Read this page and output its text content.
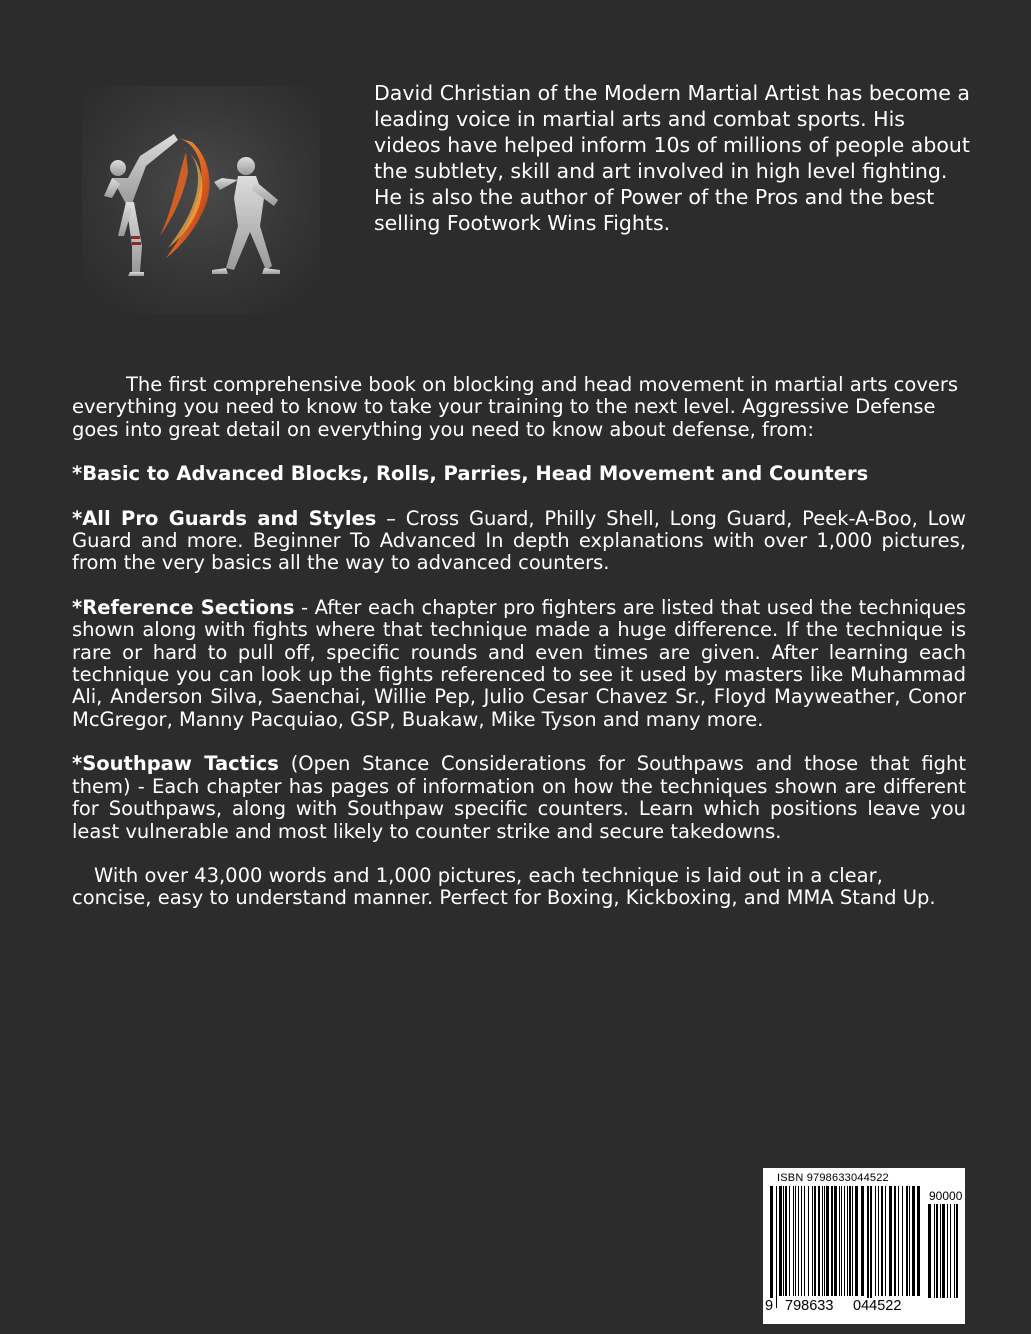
David Christian of the Modern Martial Artist has become a leading voice in martial arts and combat sports. His videos have helped inform 10s of millions of people about the subtlety, skill and art involved in high level fighting. He is also the author of Power of the Pros and the best selling Footwork Wins Fights.

The first comprehensive book on blocking and head movement in martial arts covers everything you need to know to take your training to the next level. Aggressive Defense goes into great detail on everything you need to know about defense, from:

*Basic to Advanced Blocks, Rolls, Parries, Head Movement and Counters

*All Pro Guards and Styles – Cross Guard, Philly Shell, Long Guard, Peek-A-Boo, Low Guard and more. Beginner To Advanced In depth explanations with over 1,000 pictures, from the very basics all the way to advanced counters.

*Reference Sections - After each chapter pro fighters are listed that used the techniques shown along with fights where that technique made a huge difference. If the technique is rare or hard to pull off, specific rounds and even times are given. After learning each technique you can look up the fights referenced to see it used by masters like Muhammad Ali, Anderson Silva, Saenchai, Willie Pep, Julio Cesar Chavez Sr., Floyd Mayweather, Conor McGregor, Manny Pacquiao, GSP, Buakaw, Mike Tyson and many more.

*Southpaw Tactics (Open Stance Considerations for Southpaws and those that fight them) - Each chapter has pages of information on how the techniques shown are different for Southpaws, along with Southpaw specific counters. Learn which positions leave you least vulnerable and most likely to counter strike and secure takedowns.

With over 43,000 words and 1,000 pictures, each technique is laid out in a clear, concise, easy to understand manner. Perfect for Boxing, Kickboxing, and MMA Stand Up.

ISBN 9798633044522
90000
9 798633 044522
